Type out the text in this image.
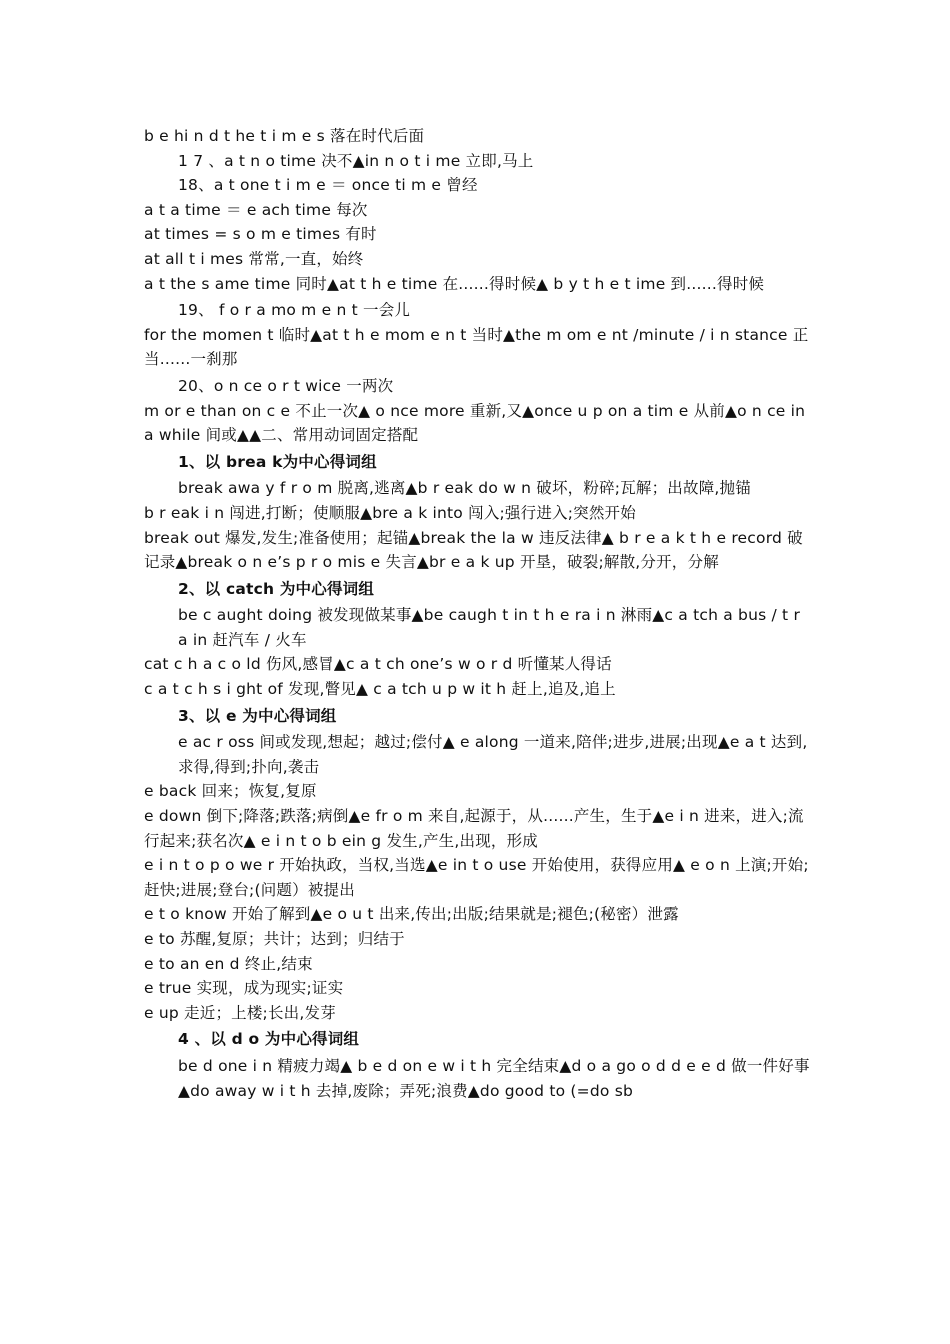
b e hi n d t he t i m e s 落在时代后面
1 7 、a t n o time 决不▲in n o t i me 立即,马上
18、a t one t i m e ＝ once ti m e 曾经
a t a time ＝ e ach time 每次
at times = s o m e times 有时
at all t i mes 常常,一直，始终
a t the s ame time 同时▲at t h e time 在......得时候▲ b y t h e t ime 到......得时候
19、 f o r a mo m e n t 一会儿
for the momen t 临时▲at t h e mom e n t 当时▲the m om e nt /minute / i n stance 正当......一刹那
20、o n ce o r t wice 一两次
m or e than on c e 不止一次▲ o nce more 重新,又▲once u p on a tim e 从前▲o n ce in a while 间或▲▲二、常用动词固定搭配
1、以 brea k为中心得词组
break awa y f r o m 脱离,逃离▲b r eak do w n 破坏，粉碎;瓦解；出故障,抛锚
b r eak i n 闯进,打断；使顺服▲bre a k into 闯入;强行进入;突然开始
break out 爆发,发生;准备使用；起锚▲break the la w 违反法律▲ b r e a k t h e record 破记录▲break o n e’s p r o mis e 失言▲br e a k up 开垦，破裂;解散,分开，分解
2、以 catch 为中心得词组
be c aught doing 被发现做某事▲be caugh t in t h e ra i n 淋雨▲c a tch a bus / t r a in 赶汽车 / 火车
cat c h a c o ld 伤风,感冒▲c a t ch one’s w o r d 听懂某人得话
c a t c h s i ght of 发现,瞥见▲ c a tch u p w it h 赶上,追及,追上
3、以 e 为中心得词组
e ac r oss 间或发现,想起；越过;偿付▲ e along 一道来,陪伴;进步,进展;出现▲e a t 达到,求得,得到;扑向,袭击
e back 回来；恢复,复原
e down 倒下;降落;跌落;病倒▲e fr o m 来自,起源于，从......产生，生于▲e i n 进来，进入;流行起来;获名次▲ e i n t o b ein g 发生,产生,出现，形成
e i n t o p o we r 开始执政，当权,当选▲e in t o use 开始使用，获得应用▲ e o n 上演;开始;赶快;进展;登台;(问题）被提出
e t o know 开始了解到▲e o u t 出来,传出;出版;结果就是;褪色;(秘密）泄露
e to 苏醒,复原；共计；达到；归结于
e to an en d 终止,结束
e true 实现，成为现实;证实
e up 走近；上楼;长出,发芽
4 、以 d o 为中心得词组
be d one i n 精疲力竭▲ b e d on e w i t h 完全结束▲d o a go o d d e e d 做一件好事▲do away w i t h 去掉,废除；弄死;浪费▲do good to (=do sb
